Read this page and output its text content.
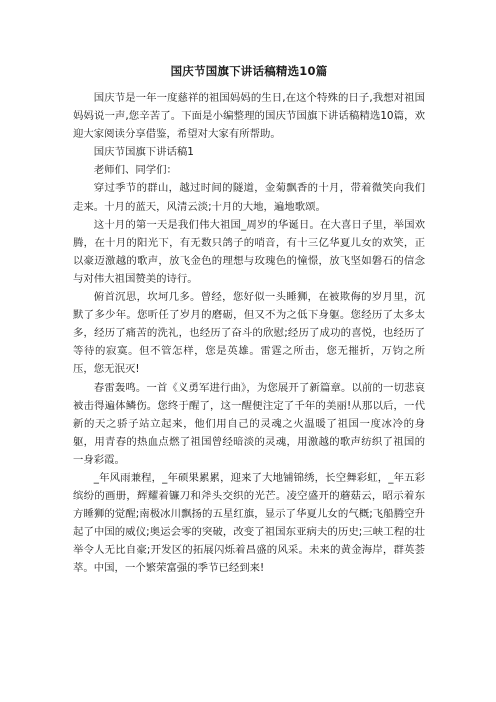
国庆节国旗下讲话稿精选10篇

国庆节是一年一度慈祥的祖国妈妈的生日,在这个特殊的日子,我想对祖国妈妈说一声,您辛苦了。下面是小编整理的国庆节国旗下讲话稿精选10篇，欢迎大家阅读分享借鉴，希望对大家有所帮助。

国庆节国旗下讲话稿1

老师们、同学们：

穿过季节的群山，越过时间的隧道，金菊飘香的十月，带着微笑向我们走来。十月的蓝天，风清云淡;十月的大地，遍地歌颂。

这十月的第一天是我们伟大祖国_周岁的华诞日。在大喜日子里，举国欢腾，在十月的阳光下，有无数只鸽子的哨音，有十三亿华夏儿女的欢笑，正以豪迈激越的歌声，放飞金色的理想与玫瑰色的憧憬，放飞坚如磐石的信念与对伟大祖国赞美的诗行。

俯首沉思，坎坷几多。曾经，您好似一头睡狮，在被欺侮的岁月里，沉默了多少年。您听任了岁月的磨砺，但又不为之低下身躯。您经历了太多太多，经历了痛苦的洗礼，也经历了奋斗的欣慰;经历了成功的喜悦，也经历了等待的寂寞。但不管怎样，您是英雄。雷霆之所击，您无摧折，万钧之所压，您无泯灭!

春雷轰鸣。一首《义勇军进行曲》，为您展开了新篇章。以前的一切悲哀被击得遍体鳞伤。您终于醒了，这一醒便注定了千年的美丽!从那以后，一代新的天之骄子站立起来，他们用自己的灵魂之火温暖了祖国一度冰冷的身躯，用青春的热血点燃了祖国曾经暗淡的灵魂，用激越的歌声纺织了祖国的一身彩霞。

_年风雨兼程，_年硕果累累，迎来了大地铺锦绣，长空舞彩虹，_年五彩缤纷的画册，辉耀着镰刀和斧头交织的光芒。凌空盛开的蘑菇云，昭示着东方睡狮的觉醒;南极冰川飘扬的五星红旗，显示了华夏儿女的气概;飞船腾空升起了中国的威仪;奥运会零的突破，改变了祖国东亚病夫的历史;三峡工程的壮举令人无比自豪;开发区的拓展闪烁着昌盛的风采。未来的黄金海岸，群英荟萃。中国，一个繁荣富强的季节已经到来!
